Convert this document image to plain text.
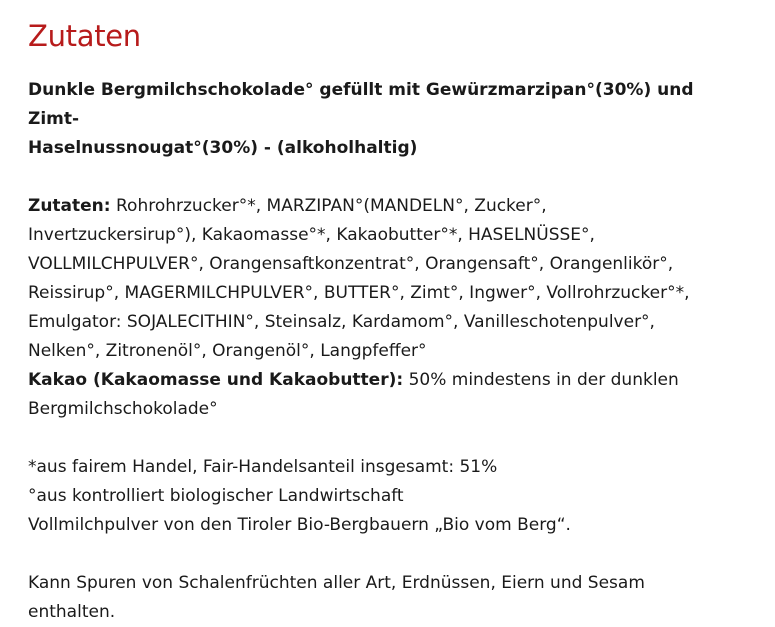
Zutaten

Dunkle Bergmilchschokolade° gefüllt mit Gewürzmarzipan°(30%) und Zimt-

Haselnussnougat°(30%) - (alkoholhaltig)

Zutaten: Rohrohrzucker°*, MARZIPAN°(MANDELN°, Zucker°,

Invertzuckersirup°), Kakaomasse°*, Kakaobutter°*, HASELNÜSSE°,

VOLLMILCHPULVER°, Orangensaftkonzentrat°, Orangensaft°, Orangenlikör°,

Reissirup°, MAGERMILCHPULVER°, BUTTER°, Zimt°, Ingwer°, Vollrohrzucker°*,

Emulgator: SOJALECITHIN°, Steinsalz, Kardamom°, Vanilleschotenpulver°,

Nelken°, Zitronenöl°, Orangenöl°, Langpfeffer°

Kakao (Kakaomasse und Kakaobutter): 50% mindestens in der dunklen

Bergmilchschokolade°

*aus fairem Handel, Fair-Handelsanteil insgesamt: 51%

°aus kontrolliert biologischer Landwirtschaft

Vollmilchpulver von den Tiroler Bio-Bergbauern „Bio vom Berg“.

Kann Spuren von Schalenfrüchten aller Art, Erdnüssen, Eiern und Sesam

enthalten.
